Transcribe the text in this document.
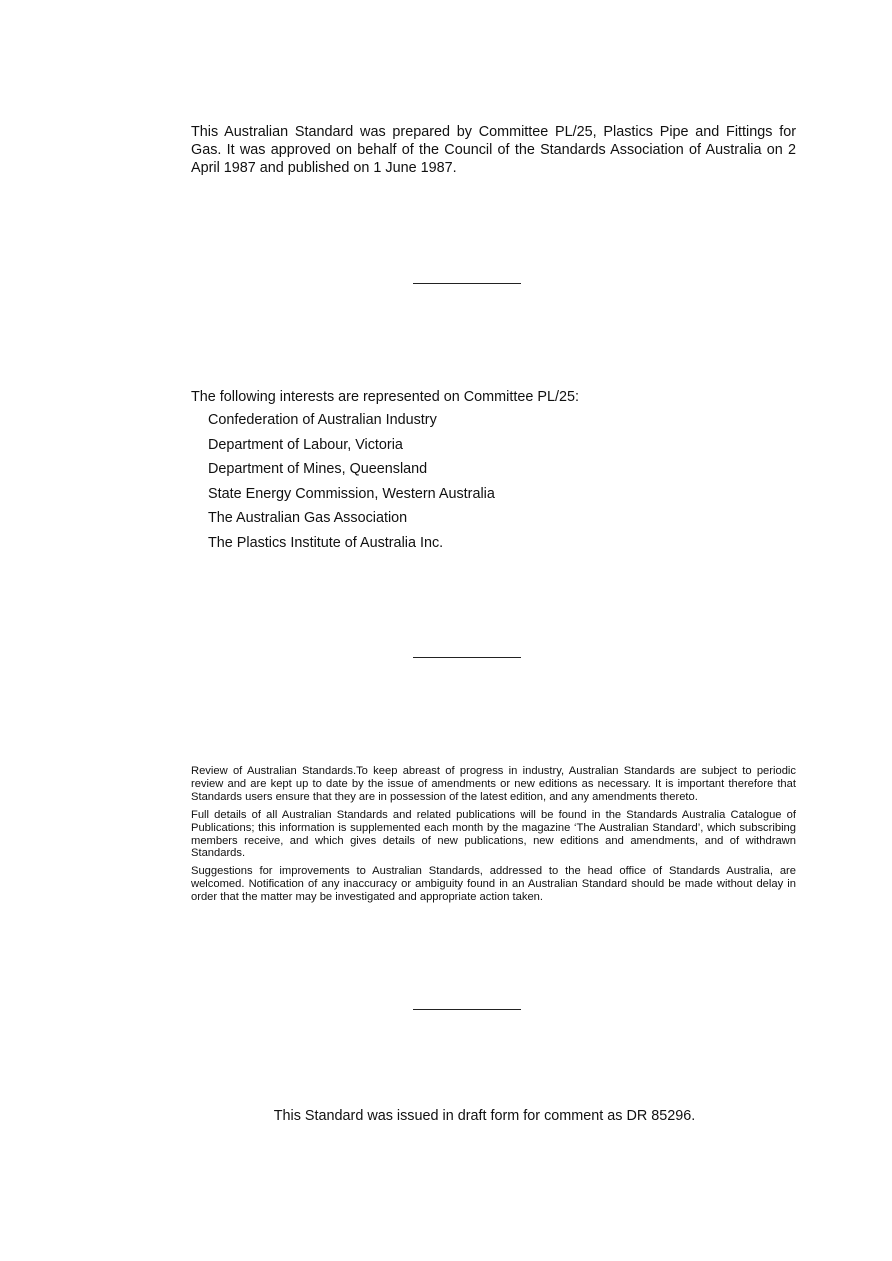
This Australian Standard was prepared by Committee PL/25, Plastics Pipe and Fittings for Gas. It was approved on behalf of the Council of the Standards Association of Australia on 2 April 1987 and published on 1 June 1987.
The following interests are represented on Committee PL/25:
Confederation of Australian Industry
Department of Labour, Victoria
Department of Mines, Queensland
State Energy Commission, Western Australia
The Australian Gas Association
The Plastics Institute of Australia Inc.

Review of Australian Standards.To keep abreast of progress in industry, Australian Standards are subject to periodic review and are kept up to date by the issue of amendments or new editions as necessary. It is important therefore that Standards users ensure that they are in possession of the latest edition, and any amendments thereto.

Full details of all Australian Standards and related publications will be found in the Standards Australia Catalogue of Publications; this information is supplemented each month by the magazine ‘The Australian Standard’, which subscribing members receive, and which gives details of new publications, new editions and amendments, and of withdrawn Standards.

Suggestions for improvements to Australian Standards, addressed to the head office of Standards Australia, are welcomed. Notification of any inaccuracy or ambiguity found in an Australian Standard should be made without delay in order that the matter may be investigated and appropriate action taken.

This Standard was issued in draft form for comment as DR 85296.
